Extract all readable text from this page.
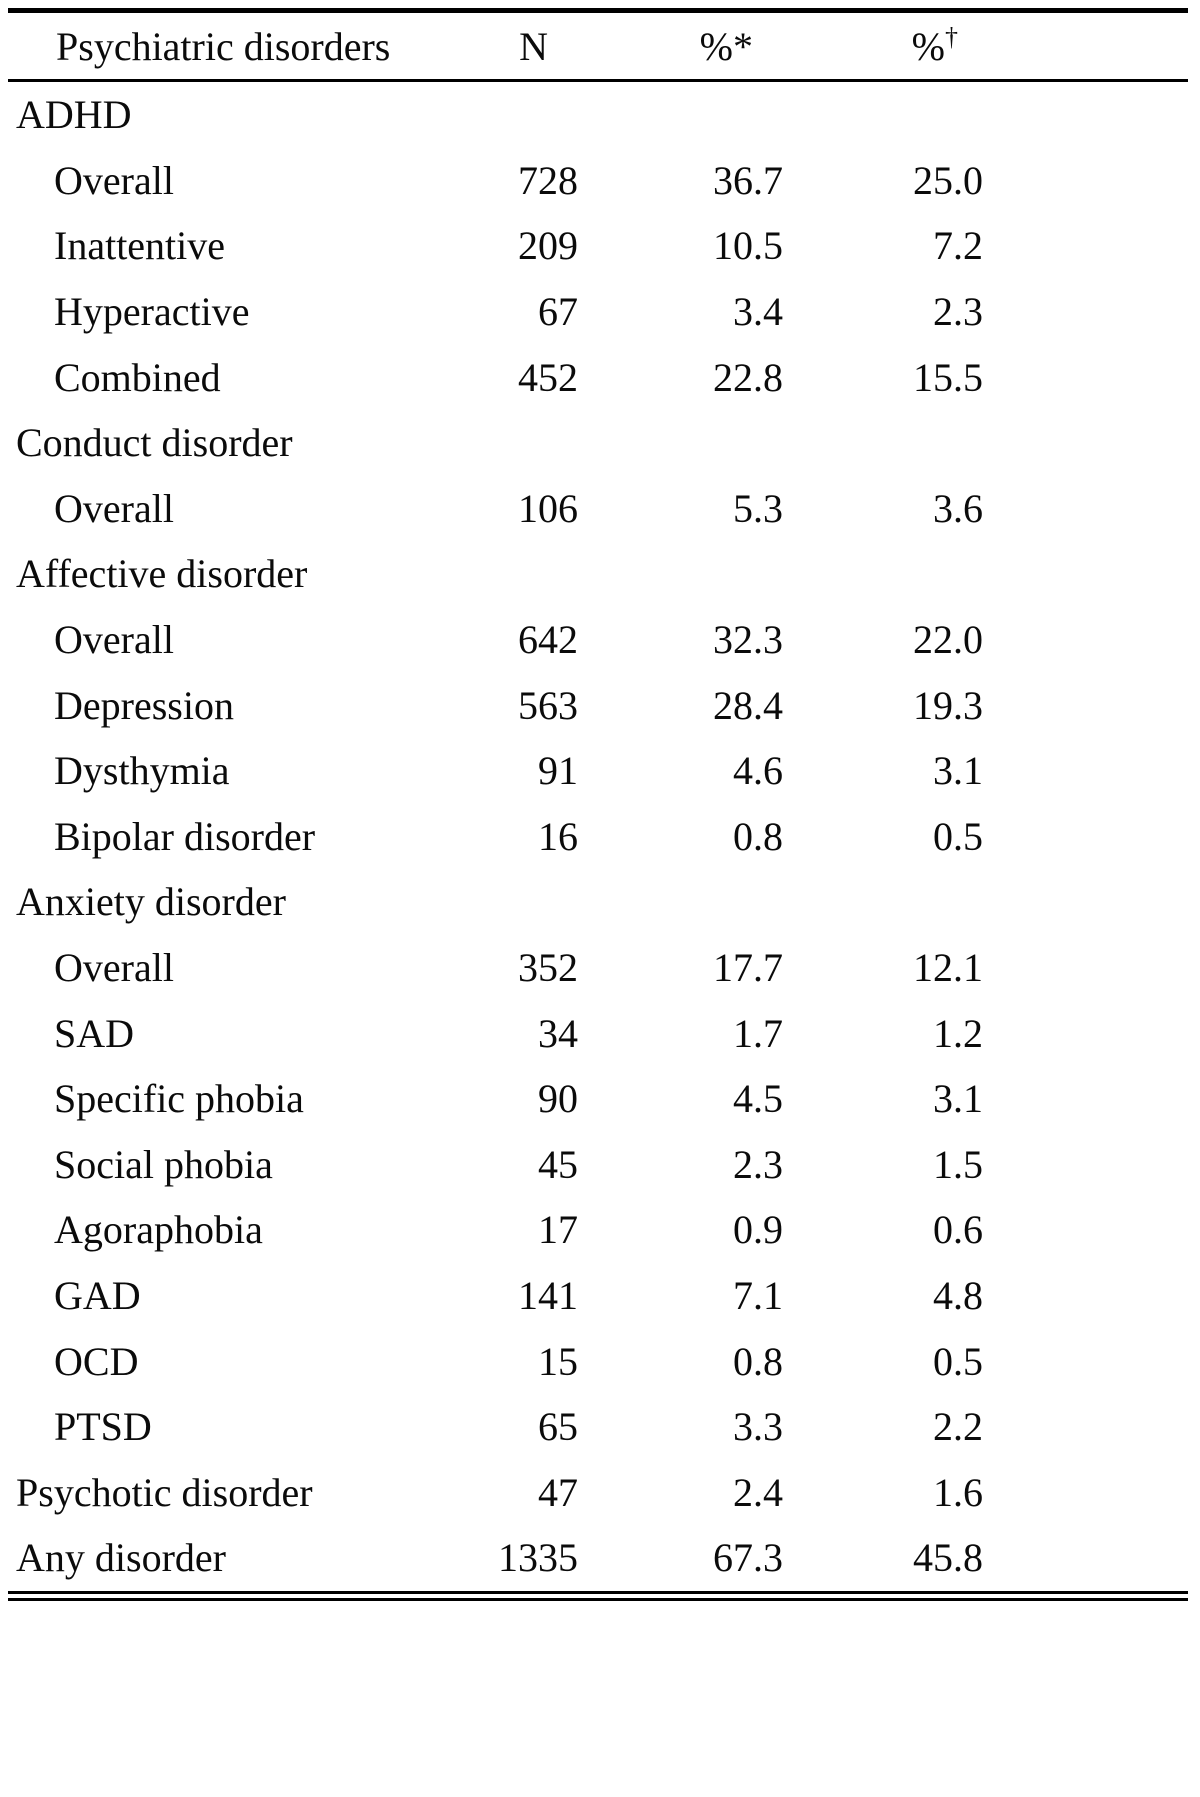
Psychiatric disorders	N	%*	%†
ADHD			
Overall	728	36.7	25.0
Inattentive	209	10.5	7.2
Hyperactive	67	3.4	2.3
Combined	452	22.8	15.5
Conduct disorder			
Overall	106	5.3	3.6
Affective disorder			
Overall	642	32.3	22.0
Depression	563	28.4	19.3
Dysthymia	91	4.6	3.1
Bipolar disorder	16	0.8	0.5
Anxiety disorder			
Overall	352	17.7	12.1
SAD	34	1.7	1.2
Specific phobia	90	4.5	3.1
Social phobia	45	2.3	1.5
Agoraphobia	17	0.9	0.6
GAD	141	7.1	4.8
OCD	15	0.8	0.5
PTSD	65	3.3	2.2
Psychotic disorder	47	2.4	1.6
Any disorder	1335	67.3	45.8
